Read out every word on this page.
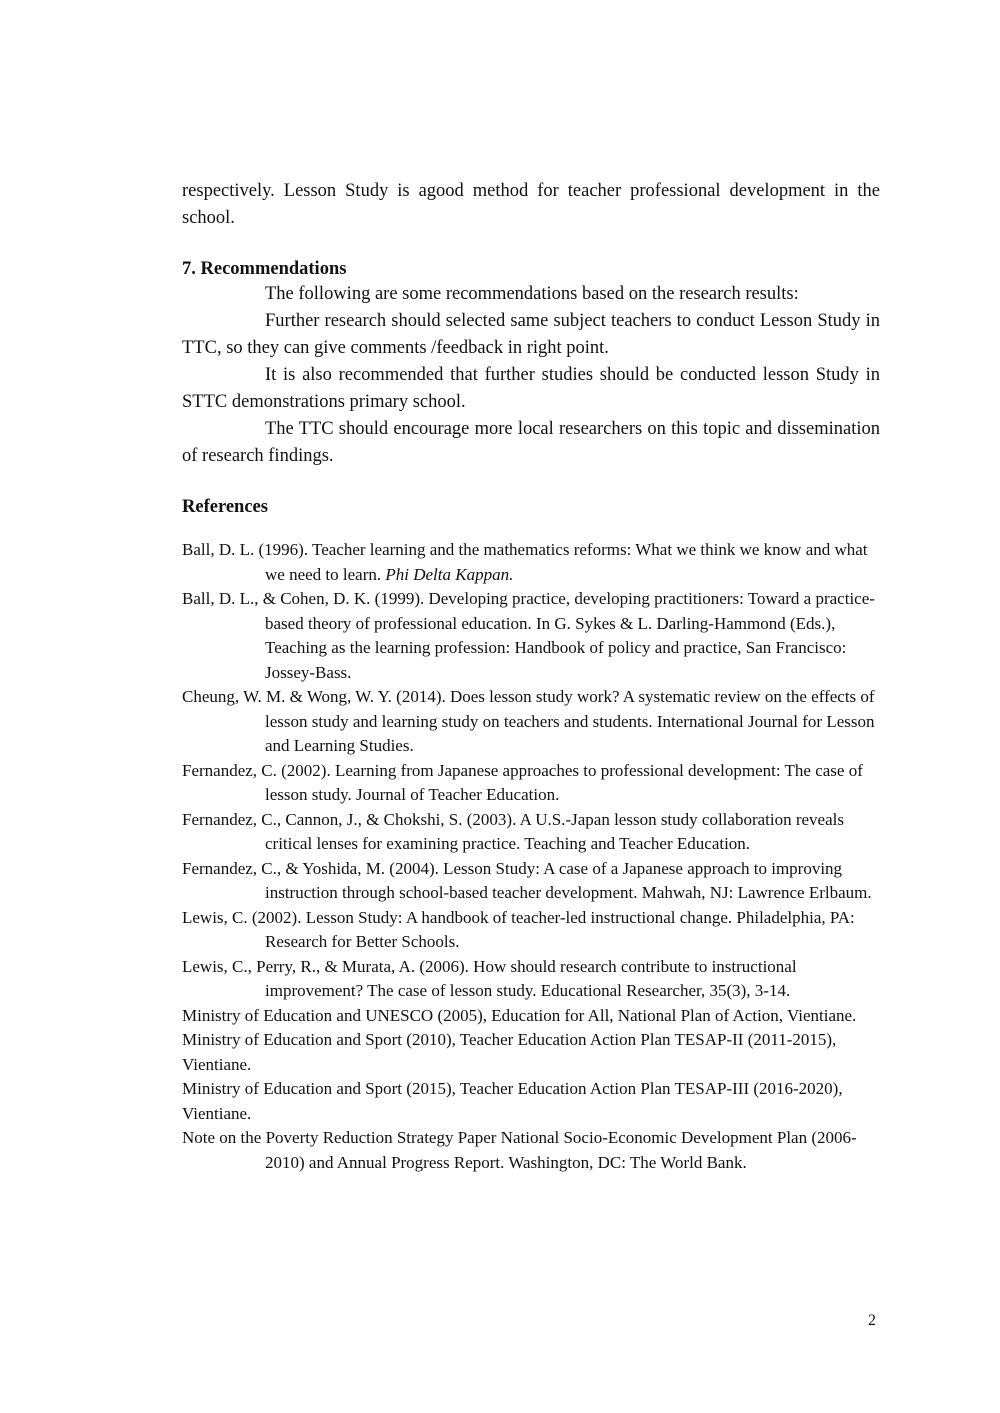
respectively. Lesson Study is agood method for teacher professional development in the school.

7. Recommendations

The following are some recommendations based on the research results:

Further research should selected same subject teachers to conduct Lesson Study in TTC, so they can give comments /feedback in right point.

It is also recommended that further studies should be conducted lesson Study in STTC demonstrations primary school.

The TTC should encourage more local researchers on this topic and dissemination of research findings.

References
Ball, D. L. (1996). Teacher learning and the mathematics reforms: What we think we know and what we need to learn. Phi Delta Kappan.
Ball, D. L., & Cohen, D. K. (1999). Developing practice, developing practitioners: Toward a practice-based theory of professional education. In G. Sykes & L. Darling-Hammond (Eds.), Teaching as the learning profession: Handbook of policy and practice, San Francisco: Jossey-Bass.
Cheung, W. M. & Wong, W. Y. (2014). Does lesson study work? A systematic review on the effects of lesson study and learning study on teachers and students. International Journal for Lesson and Learning Studies.
Fernandez, C. (2002). Learning from Japanese approaches to professional development: The case of lesson study. Journal of Teacher Education.
Fernandez, C., Cannon, J., & Chokshi, S. (2003). A U.S.-Japan lesson study collaboration reveals critical lenses for examining practice. Teaching and Teacher Education.
Fernandez, C., & Yoshida, M. (2004). Lesson Study: A case of a Japanese approach to improving instruction through school-based teacher development. Mahwah, NJ: Lawrence Erlbaum.
Lewis, C. (2002). Lesson Study: A handbook of teacher-led instructional change. Philadelphia, PA: Research for Better Schools.
Lewis, C., Perry, R., & Murata, A. (2006). How should research contribute to instructional improvement? The case of lesson study. Educational Researcher, 35(3), 3-14.
Ministry of Education and UNESCO (2005), Education for All, National Plan of Action, Vientiane.
Ministry of Education and Sport (2010), Teacher Education Action Plan TESAP-II (2011-2015),
Vientiane.
Ministry of Education and Sport (2015), Teacher Education Action Plan TESAP-III (2016-2020),
Vientiane.
Note on the Poverty Reduction Strategy Paper National Socio-Economic Development Plan (2006-2010) and Annual Progress Report. Washington, DC: The World Bank.
2
